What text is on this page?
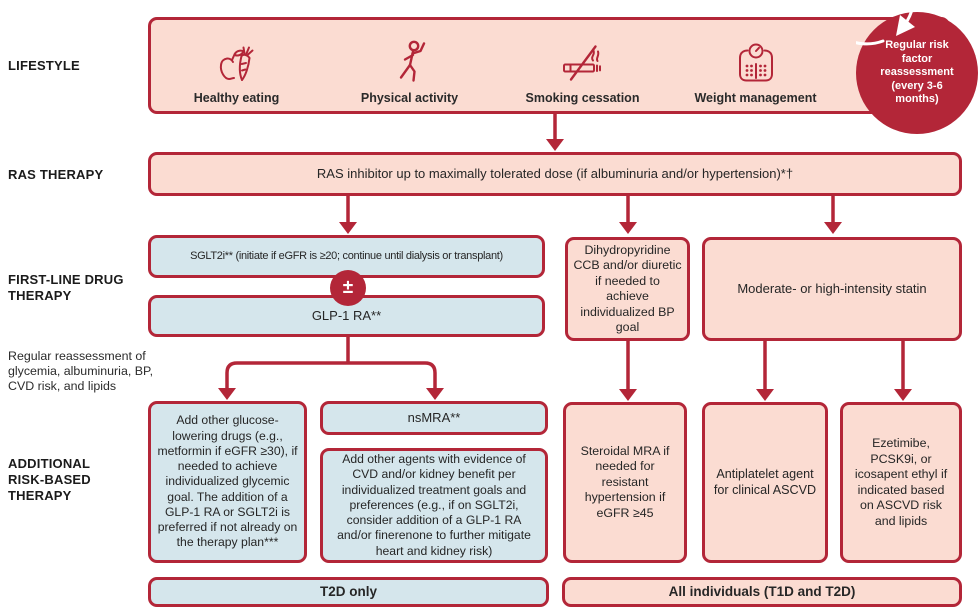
LIFESTYLE
RAS THERAPY
FIRST-LINE DRUG THERAPY
Regular reassessment of glycemia, albuminuria, BP, CVD risk, and lipids
ADDITIONAL RISK-BASED THERAPY
Healthy eating	Physical activity	Smoking cessation	Weight management
Regular risk factor reassessment (every 3-6 months)
RAS inhibitor up to maximally tolerated dose (if albuminuria and/or hypertension)*†
SGLT2i** (initiate if eGFR is ≥20; continue until dialysis or transplant)
±
GLP-1 RA**
Dihydropyridine CCB and/or diuretic if needed to achieve individualized BP goal
Moderate- or high-intensity statin
Add other glucose-lowering drugs (e.g., metformin if eGFR ≥30), if needed to achieve individualized glycemic goal. The addition of a GLP-1 RA or SGLT2i is preferred if not already on the therapy plan***
nsMRA**
Add other agents with evidence of CVD and/or kidney benefit per individualized treatment goals and preferences (e.g., if on SGLT2i, consider addition of a GLP-1 RA and/or finerenone to further mitigate heart and kidney risk)
Steroidal MRA if needed for resistant hypertension if eGFR ≥45
Antiplatelet agent for clinical ASCVD
Ezetimibe, PCSK9i, or icosapent ethyl if indicated based on ASCVD risk and lipids
T2D only	All individuals (T1D and T2D)
